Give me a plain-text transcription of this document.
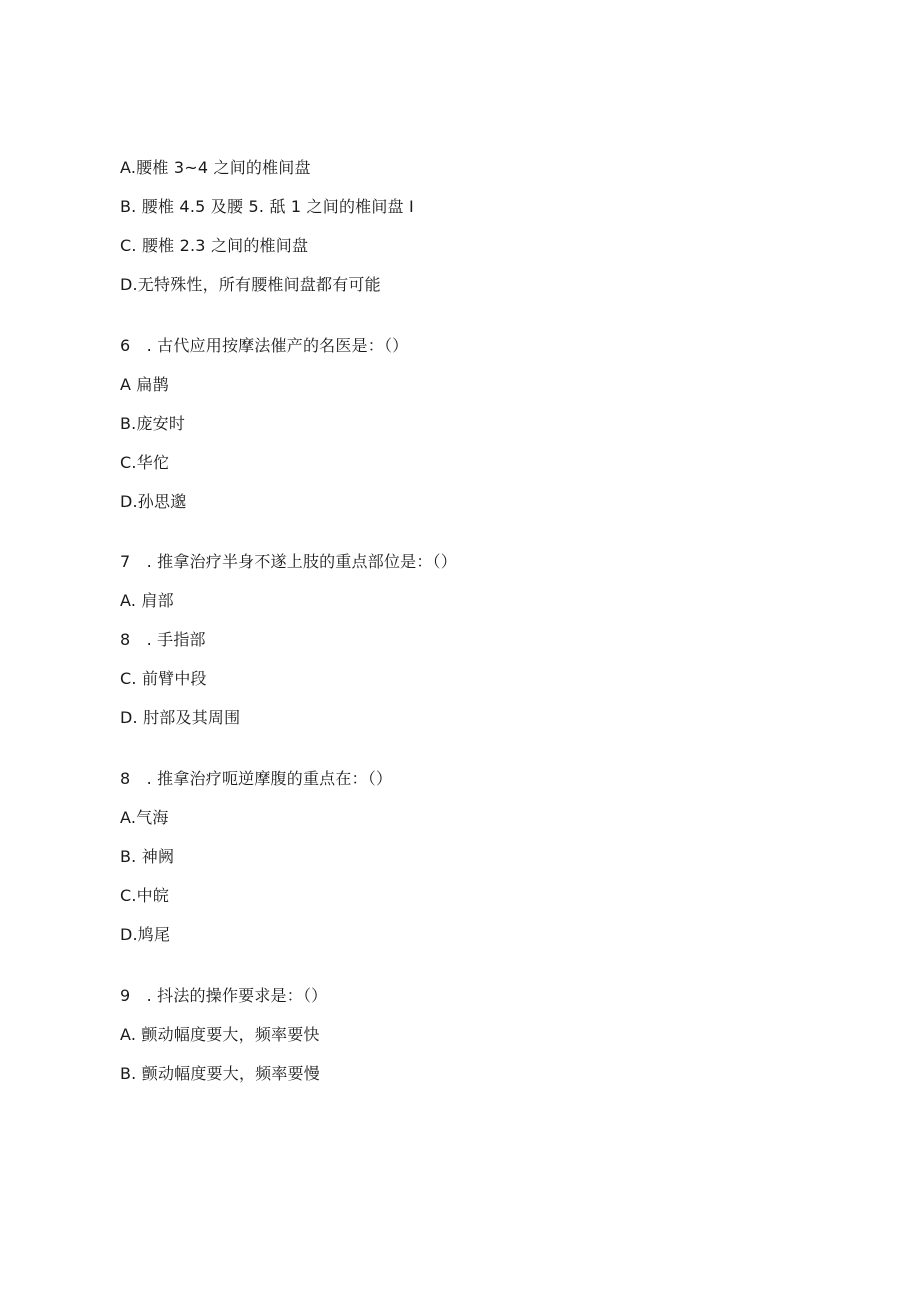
A.腰椎 3~4 之间的椎间盘
B. 腰椎 4.5 及腰 5. 舐 1 之间的椎间盘 I
C. 腰椎 2.3 之间的椎间盘
D.无特殊性，所有腰椎间盘都有可能
6　. 古代应用按摩法催产的名医是：（）
A 扁鹊
B.庞安时
C.华佗
D.孙思邈
7　. 推拿治疗半身不遂上肢的重点部位是：（）
A. 肩部
8　. 手指部
C. 前臂中段
D. 肘部及其周围
8　. 推拿治疗呃逆摩腹的重点在：（）
A.气海
B. 神阙
C.中皖
D.鸠尾
9　. 抖法的操作要求是：（）
A. 颤动幅度要大，频率要快
B. 颤动幅度要大，频率要慢
